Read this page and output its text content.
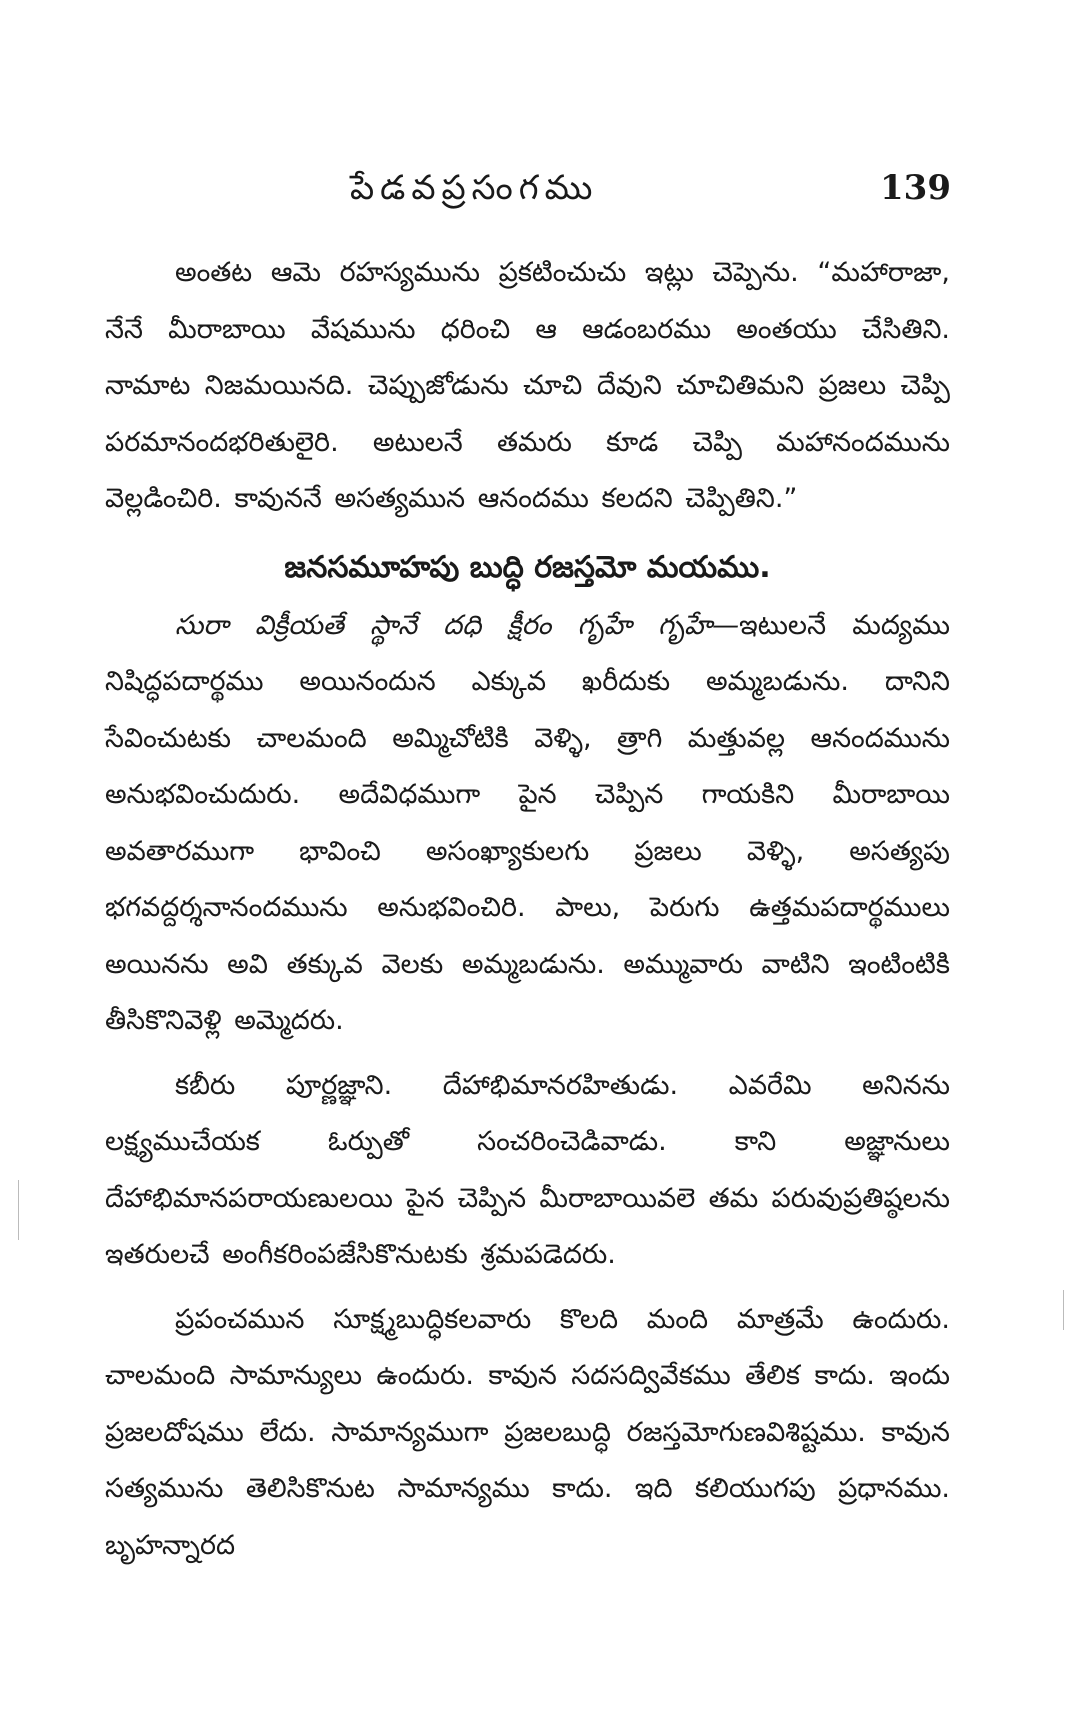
పేడవప్రసంగము	139

అంతట ఆమె రహస్యమును ప్రకటించుచు ఇట్లు చెప్పెను. “మహారాజా, నేనే మీరాబాయి వేషమును ధరించి ఆ ఆడంబరము అంతయు చేసితిని. నామాట నిజమయినది. చెప్పుజోడును చూచి దేవుని చూచితిమని ప్రజలు చెప్పి పరమానందభరితులైరి. అటులనే తమరు కూడ చెప్పి మహానందమును వెల్లడించిరి. కావుననే అసత్యమున ఆనందము కలదని చెప్పితిని.”

జనసమూహపు బుద్ధి రజస్తమో మయము.

సురా విక్రీయతే స్థానే దధి క్షీరం గృహే గృహే—ఇటులనే మద్యము నిషిద్ధపదార్థము అయినందున ఎక్కువ ఖరీదుకు అమ్మబడును. దానిని సేవించుటకు చాలమంది అమ్మిచోటికి వెళ్ళి, త్రాగి మత్తువల్ల ఆనందమును అనుభవించుదురు. అదేవిధముగా పైన చెప్పిన గాయకిని మీరాబాయి అవతారముగా భావించి అసంఖ్యాకులగు ప్రజలు వెళ్ళి, అసత్యపు భగవద్దర్శనానందమును అనుభవించిరి. పాలు, పెరుగు ఉత్తమపదార్థములు అయినను అవి తక్కువ వెలకు అమ్మబడును. అమ్మువారు వాటిని ఇంటింటికి తీసికొనివెళ్లి అమ్మెదరు.

కబీరు పూర్ణజ్ఞాని. దేహాభిమానరహితుడు. ఎవరేమి అనినను లక్ష్యముచేయక ఓర్పుతో సంచరించెడివాడు. కాని అజ్ఞానులు దేహాభిమానపరాయణులయి పైన చెప్పిన మీరాబాయివలె తమ పరువుప్రతిష్ఠలను ఇతరులచే అంగీకరింపజేసికొనుటకు శ్రమపడెదరు.

ప్రపంచమున సూక్ష్మబుద్ధికలవారు కొలది మంది మాత్రమే ఉందురు. చాలమంది సామాన్యులు ఉందురు. కావున సదసద్వివేకము తేలిక కాదు. ఇందు ప్రజలదోషము లేదు. సామాన్యముగా ప్రజలబుద్ధి రజస్తమోగుణవిశిష్టము. కావున సత్యమును తెలిసికొనుట సామాన్యము కాదు. ఇది కలియుగపు ప్రధానము. బృహన్నారద
